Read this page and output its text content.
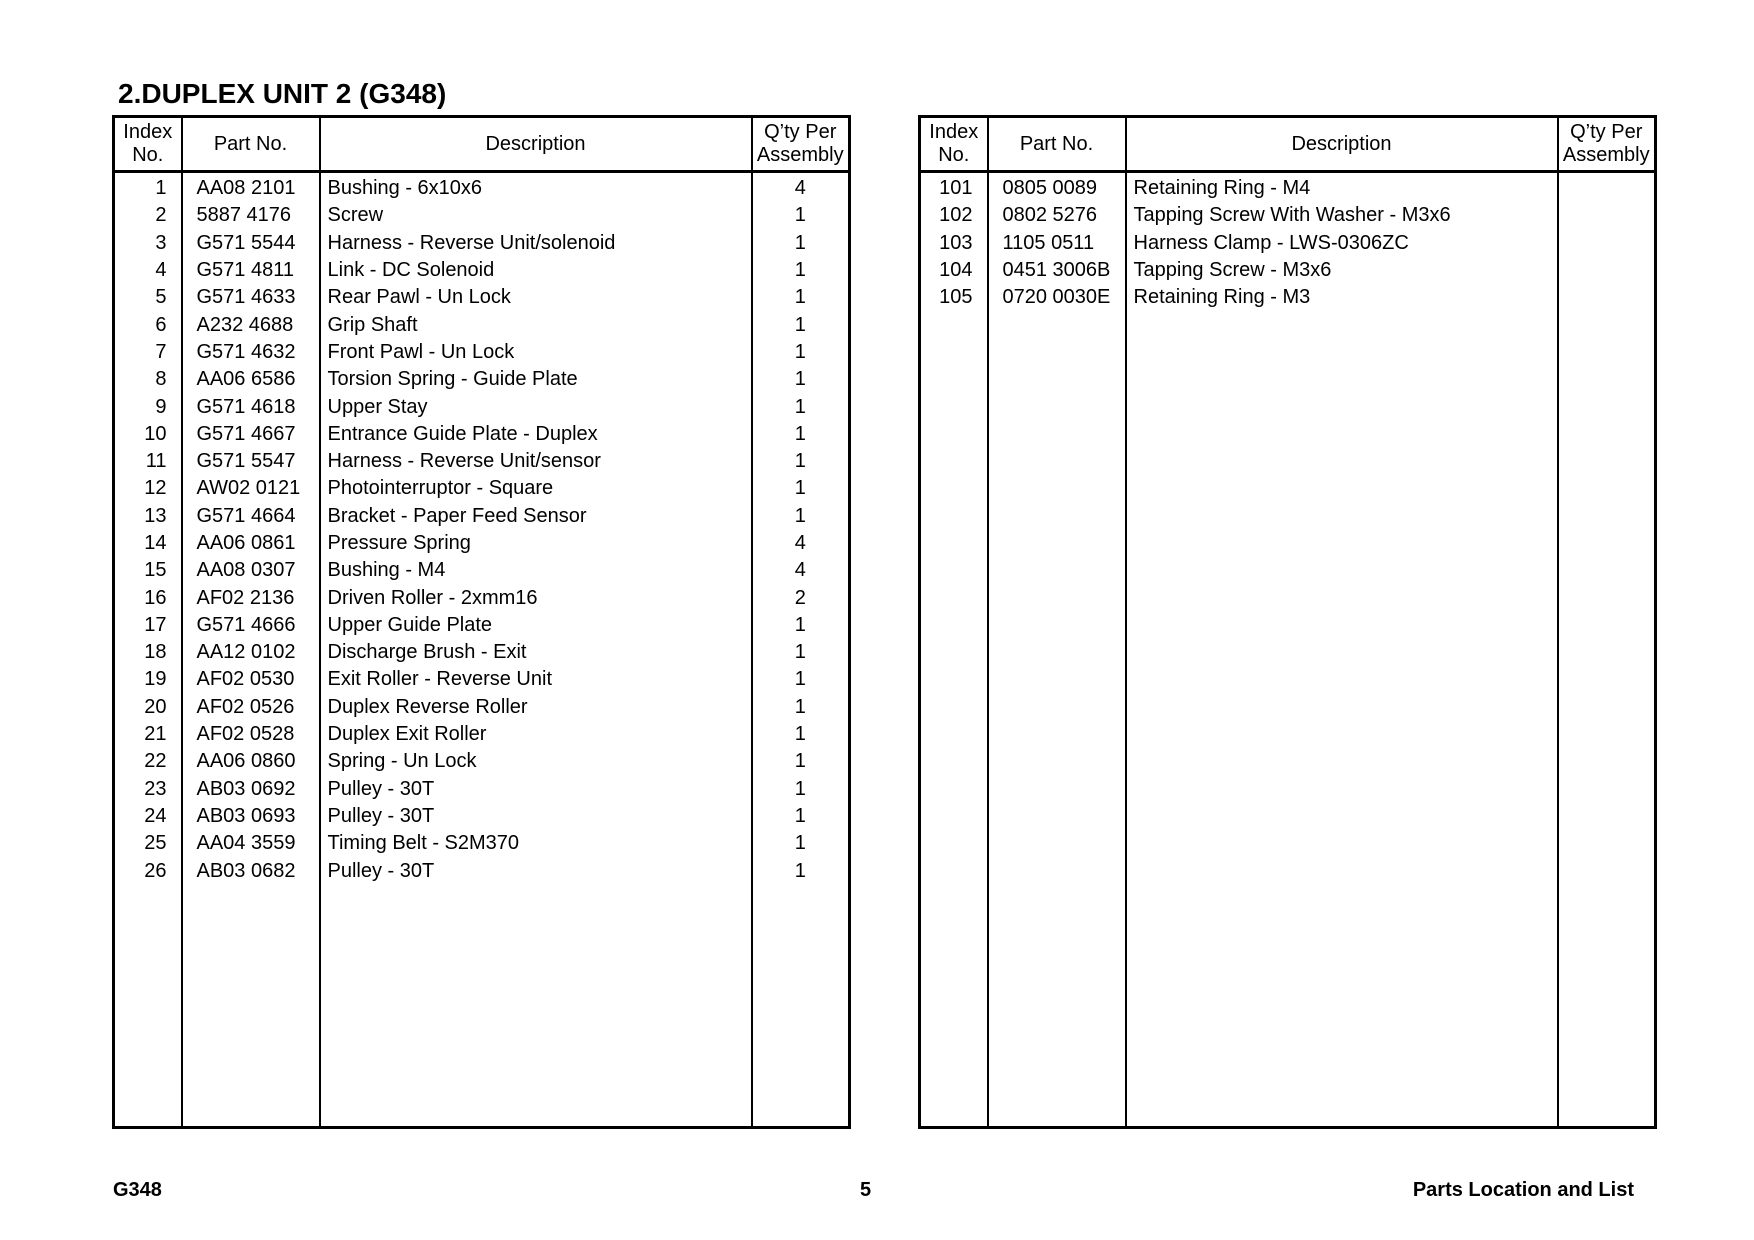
2.DUPLEX UNIT 2 (G348)
Index
No.	Part No.	Description	Q’ty Per
Assembly
1	AA08 2101	Bushing - 6x10x6	4
2	5887 4176	Screw	1
3	G571 5544	Harness - Reverse Unit/solenoid	1
4	G571 4811	Link - DC Solenoid	1
5	G571 4633	Rear Pawl - Un Lock	1
6	A232 4688	Grip Shaft	1
7	G571 4632	Front Pawl - Un Lock	1
8	AA06 6586	Torsion Spring - Guide Plate	1
9	G571 4618	Upper Stay	1
10	G571 4667	Entrance Guide Plate - Duplex	1
11	G571 5547	Harness - Reverse Unit/sensor	1
12	AW02 0121	Photointerruptor - Square	1
13	G571 4664	Bracket - Paper Feed Sensor	1
14	AA06 0861	Pressure Spring	4
15	AA08 0307	Bushing - M4	4
16	AF02 2136	Driven Roller - 2xmm16	2
17	G571 4666	Upper Guide Plate	1
18	AA12 0102	Discharge Brush - Exit	1
19	AF02 0530	Exit Roller - Reverse Unit	1
20	AF02 0526	Duplex Reverse Roller	1
21	AF02 0528	Duplex Exit Roller	1
22	AA06 0860	Spring - Un Lock	1
23	AB03 0692	Pulley - 30T	1
24	AB03 0693	Pulley - 30T	1
25	AA04 3559	Timing Belt - S2M370	1
26	AB03 0682	Pulley - 30T	1

Index
No.	Part No.	Description	Q’ty Per
Assembly
101	0805 0089	Retaining Ring - M4	
102	0802 5276	Tapping Screw With Washer - M3x6	
103	1105 0511	Harness Clamp - LWS-0306ZC	
104	0451 3006B	Tapping Screw - M3x6	
105	0720 0030E	Retaining Ring - M3	

G348	5	Parts Location and List
